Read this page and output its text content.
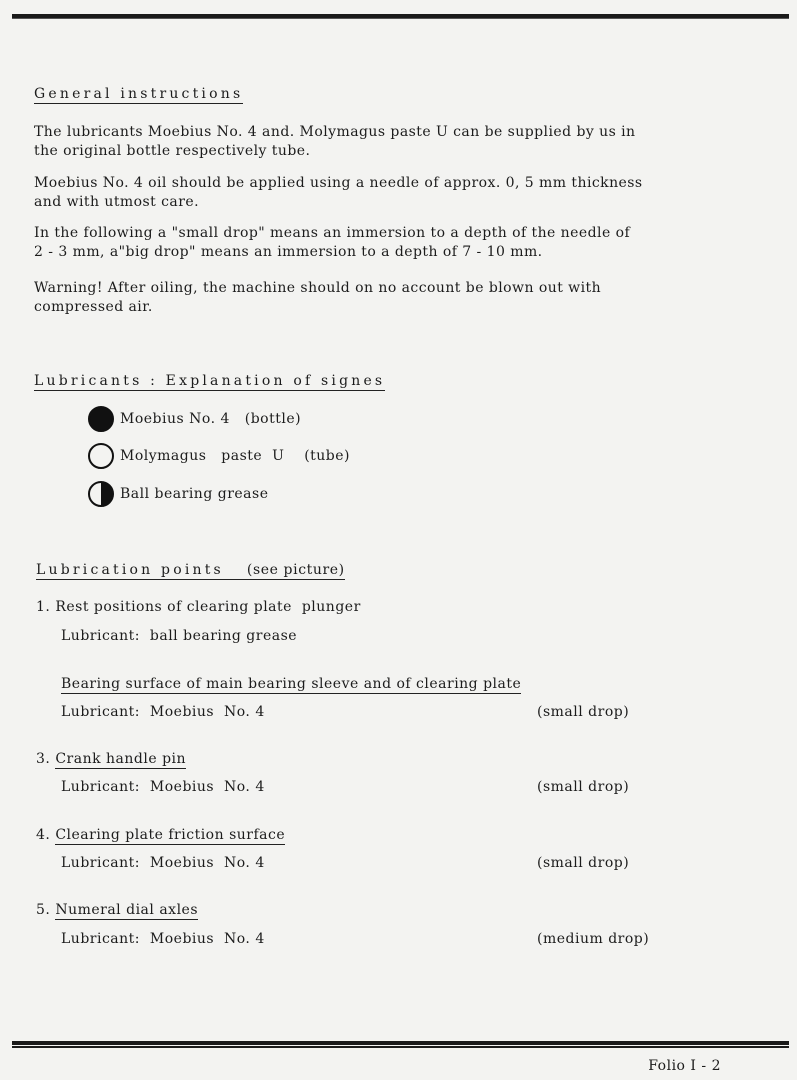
General instructions

The lubricants Moebius No. 4 and. Molymagus paste U can be supplied by us in

the original bottle respectively tube.

Moebius No. 4 oil should be applied using a needle of approx. 0, 5 mm thickness

and with utmost care.

In the following a "small drop" means an immersion to a depth of the needle of

2 - 3 mm, a"big drop" means an immersion to a depth of 7 - 10 mm.

Warning! After oiling, the machine should on no account be blown out with

compressed air.

Lubricants : Explanation of signes
Moebius No. 4   (bottle)
Molymagus   paste  U    (tube)
Ball bearing grease
Lubrication points (see picture)
1. Rest positions of clearing plate  plunger
Lubricant:  ball bearing grease
Bearing surface of main bearing sleeve and of clearing plate
Lubricant:  Moebius  No. 4	(small drop)
3. Crank handle pin
Lubricant:  Moebius  No. 4	(small drop)
4. Clearing plate friction surface
Lubricant:  Moebius  No. 4	(small drop)
5. Numeral dial axles
Lubricant:  Moebius  No. 4	(medium drop)
Folio I - 2
